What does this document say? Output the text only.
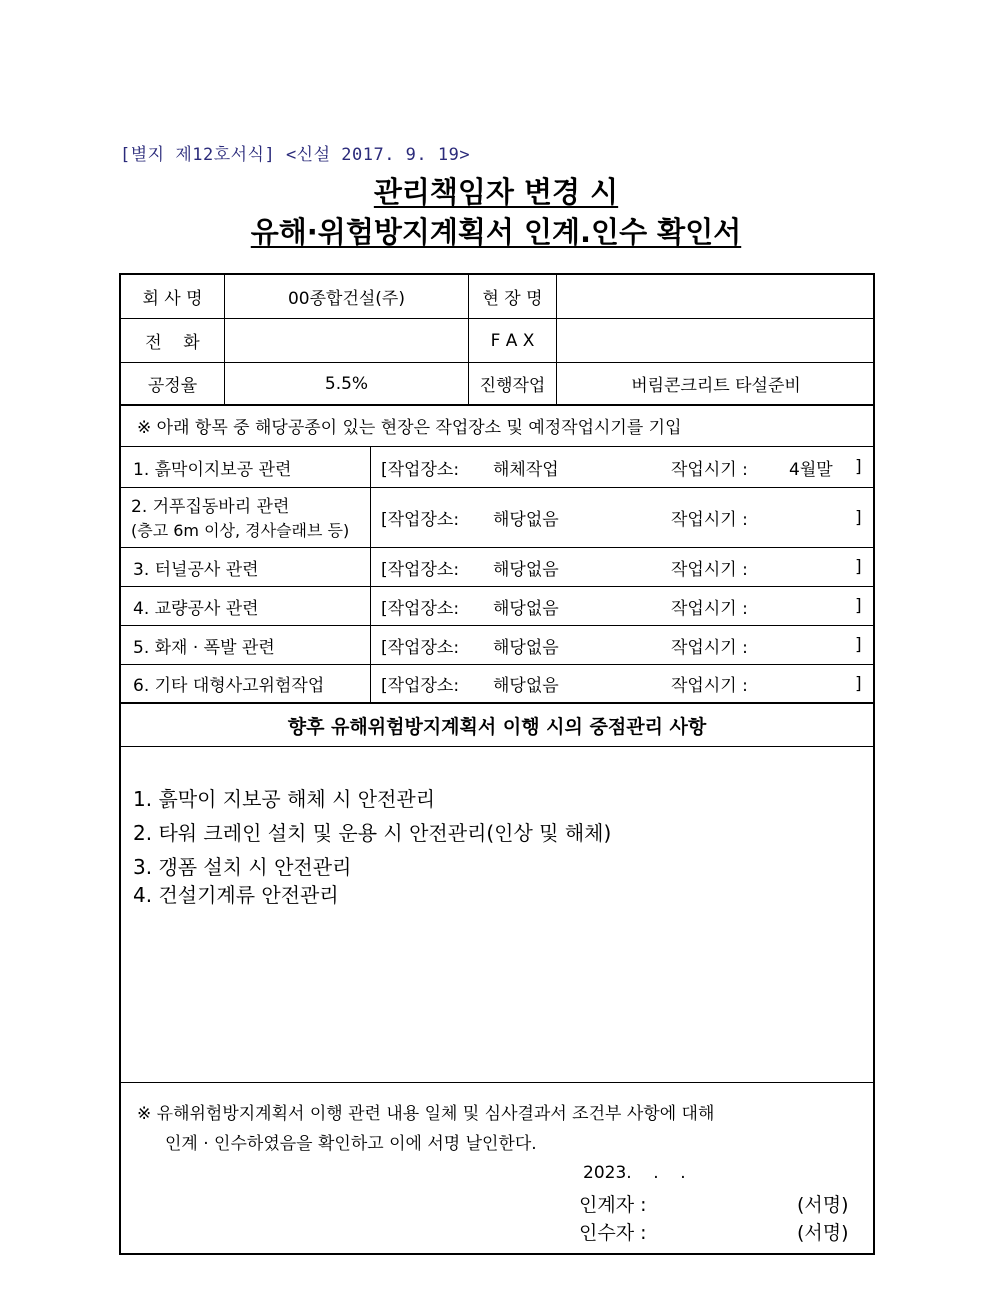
[별지 제12호서식] <신설 2017. 9. 19>
관리책임자 변경 시
유해·위험방지계획서 인계.인수 확인서
회 사 명	00종합건설(주)	현 장 명
전    화	F A X
공정율	5.5%	진행작업	버림콘크리트 타설준비
※ 아래 항목 중 해당공종이 있는 현장은 작업장소 및 예정작업시기를 기입
1. 흙막이지보공 관련	[작업장소: 해체작업	작업시기 : 4월말 ]
2. 거푸집동바리 관련
(층고 6m 이상, 경사슬래브 등) [작업장소: 해당없음	작업시기 :	]
3. 터널공사 관련	[작업장소: 해당없음	작업시기 :	]
4. 교량공사 관련	[작업장소: 해당없음	작업시기 :	]
5. 화재 · 폭발 관련	[작업장소: 해당없음	작업시기 :	]
6. 기타 대형사고위험작업	[작업장소: 해당없음	작업시기 :	]
향후 유해위험방지계획서 이행 시의 중점관리 사항
1. 흙막이 지보공 해체 시 안전관리
2. 타워 크레인 설치 및 운용 시 안전관리(인상 및 해체)
3. 갱폼 설치 시 안전관리
4. 건설기계류 안전관리
※ 유해위험방지계획서 이행 관련 내용 일체 및 심사결과서 조건부 사항에 대해
인계 · 인수하였음을 확인하고 이에 서명 날인한다.
2023.    .    .
인계자 :	(서명)
인수자 :	(서명)
